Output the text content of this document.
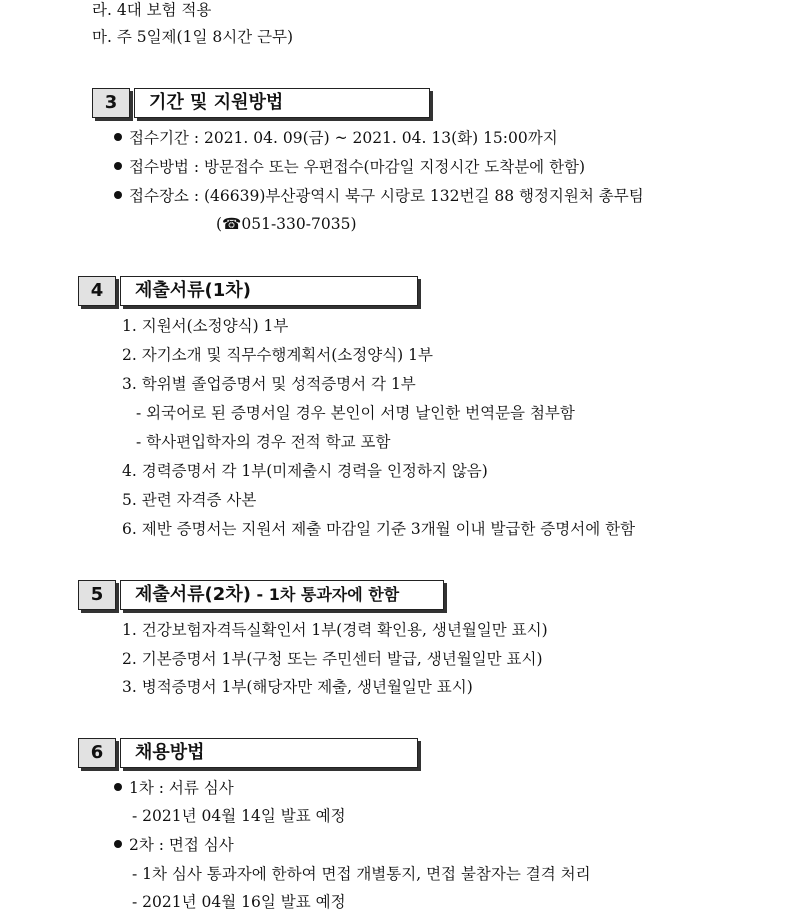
라. 4대 보험 적용
마. 주 5일제(1일 8시간 근무)
3	기간 및 지원방법
접수기간 : 2021. 04. 09(금) ~ 2021. 04. 13(화) 15:00까지
접수방법 : 방문접수 또는 우편접수(마감일 지정시간 도착분에 한함)
접수장소 : (46639)부산광역시 북구 시랑로 132번길 88 행정지원처 총무팀
(☎051-330-7035)
4	제출서류(1차)
1. 지원서(소정양식) 1부
2. 자기소개 및 직무수행계획서(소정양식) 1부
3. 학위별 졸업증명서 및 성적증명서 각 1부
- 외국어로 된 증명서일 경우 본인이 서명 날인한 번역문을 첨부함
- 학사편입학자의 경우 전적 학교 포함
4. 경력증명서 각 1부(미제출시 경력을 인정하지 않음)
5. 관련 자격증 사본
6. 제반 증명서는 지원서 제출 마감일 기준 3개월 이내 발급한 증명서에 한함
5	제출서류(2차) - 1차 통과자에 한함
1. 건강보험자격득실확인서 1부(경력 확인용, 생년월일만 표시)
2. 기본증명서 1부(구청 또는 주민센터 발급, 생년월일만 표시)
3. 병적증명서 1부(해당자만 제출, 생년월일만 표시)
6	채용방법
1차 : 서류 심사
- 2021년 04월 14일 발표 예정
2차 : 면접 심사
- 1차 심사 통과자에 한하여 면접 개별통지, 면접 불참자는 결격 처리
- 2021년 04월 16일 발표 예정
